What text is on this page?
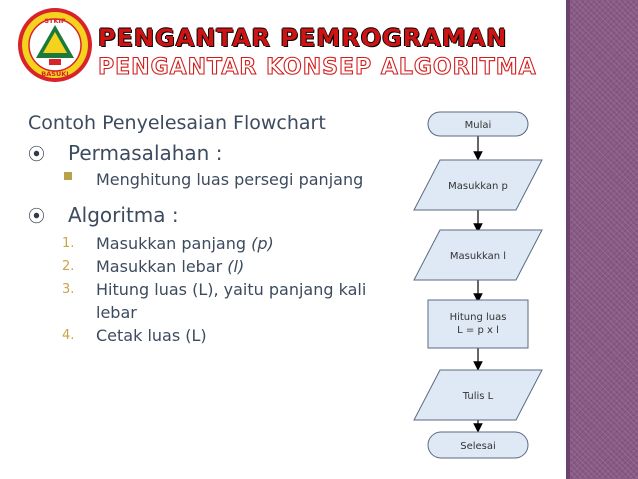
STKIP
BASUKI
PENGANTAR PEMROGRAMAN
PENGANTAR KONSEP ALGORITMA
Contoh Penyelesaian Flowchart
⦿	Permasalahan :
Menghitung luas persegi panjang
⦿	Algoritma :
1.	Masukkan panjang (p)
2.	Masukkan lebar (l)
3.	Hitung luas (L), yaitu panjang kali lebar
4.	Cetak luas (L)
Mulai
Masukkan p
Masukkan l
Hitung luas
L = p x l
Tulis L
Selesai
